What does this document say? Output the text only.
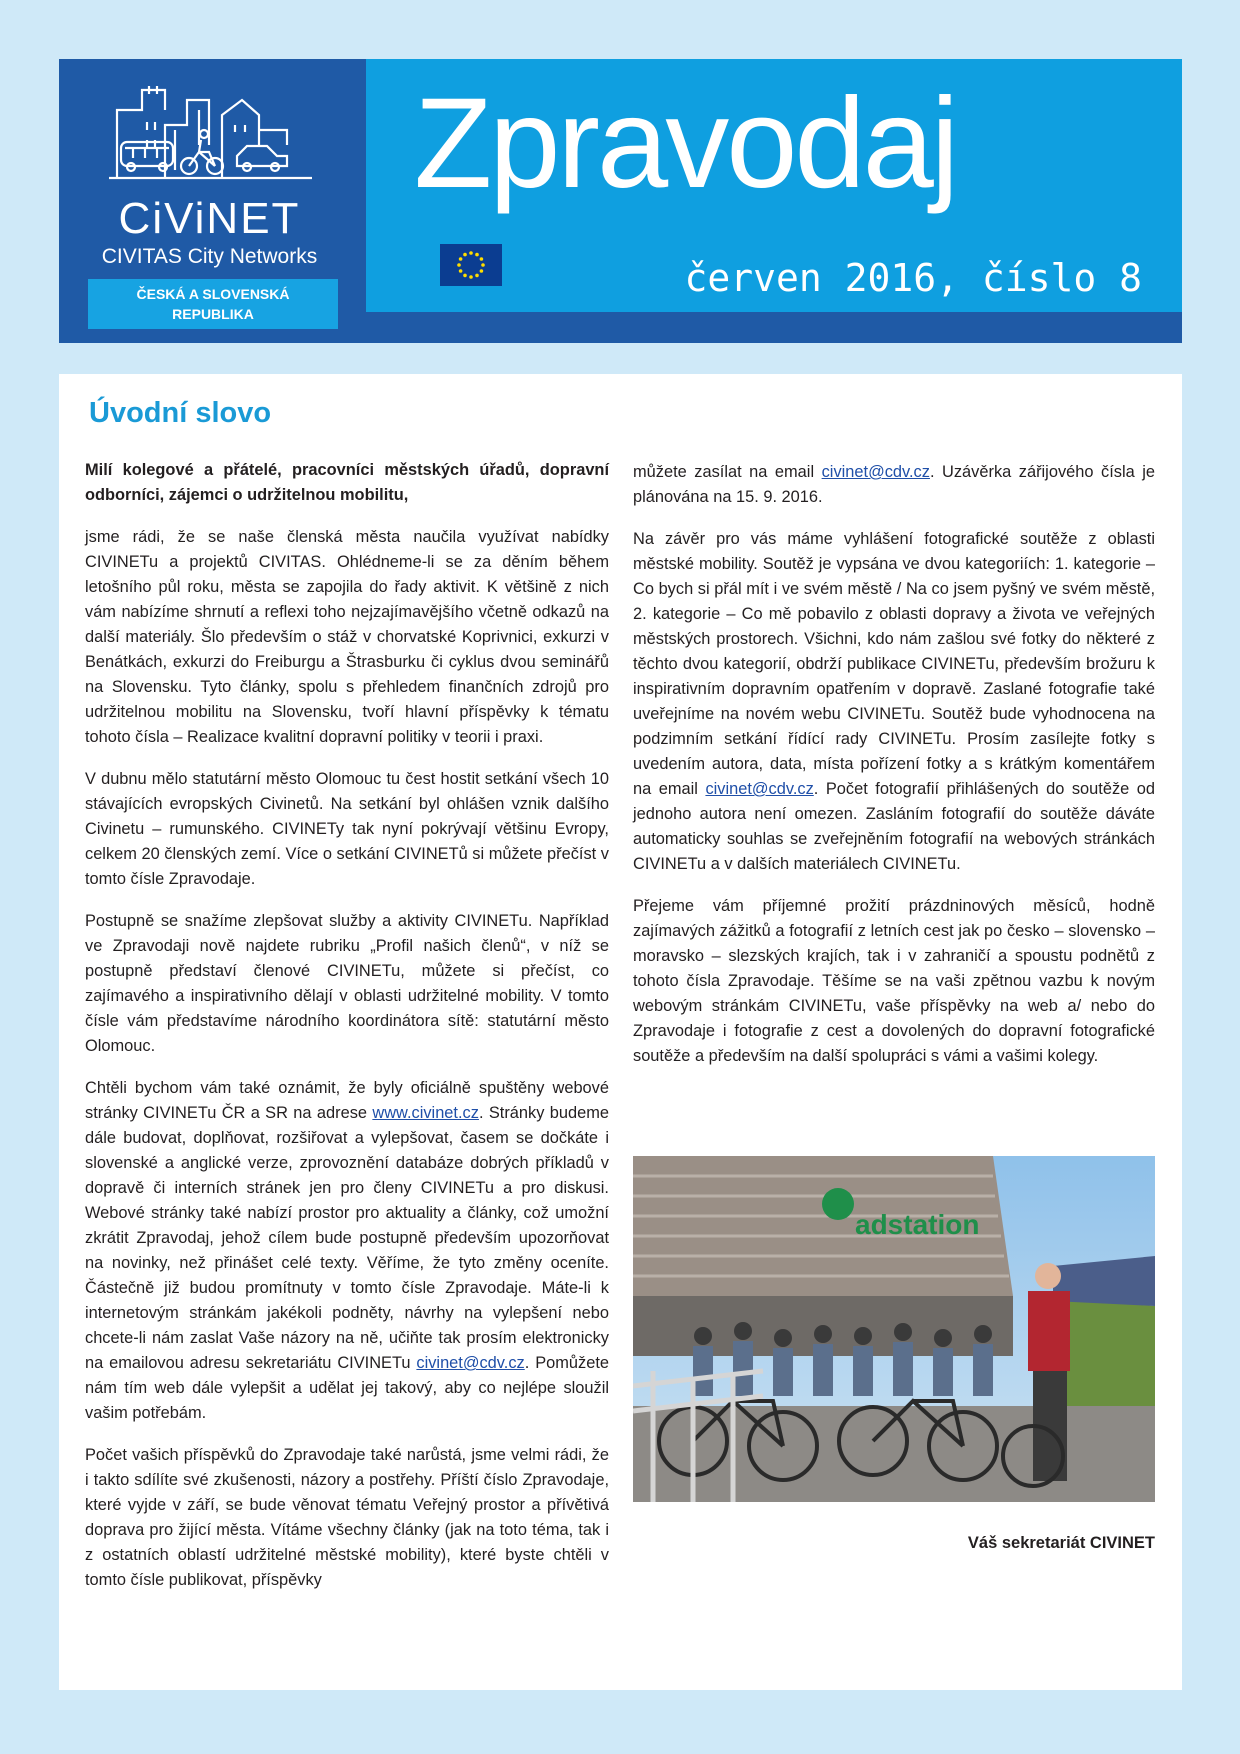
CiViNET
CIVITAS City Networks
ČESKÁ A SLOVENSKÁ
REPUBLIKA
Zpravodaj
červen 2016, číslo 8
Úvodní slovo

Milí kolegové a přátelé, pracovníci městských úřadů, dopravní odborníci, zájemci o udržitelnou mobilitu,

jsme rádi, že se naše členská města naučila využívat nabídky CIVINETu a projektů CIVITAS. Ohlédneme-li se za děním během letošního půl roku, města se zapojila do řady aktivit. K většině z nich vám nabízíme shrnutí a reflexi toho nejzajímavějšího včetně odkazů na další materiály. Šlo především o stáž v chorvatské Koprivnici, exkurzi v Benátkách, exkurzi do Freiburgu a Štrasburku či cyklus dvou seminářů na Slovensku. Tyto články, spolu s přehledem finančních zdrojů pro udržitelnou mobilitu na Slovensku, tvoří hlavní příspěvky k tématu tohoto čísla – Realizace kvalitní dopravní politiky v teorii i praxi.

V dubnu mělo statutární město Olomouc tu čest hostit setkání všech 10 stávajících evropských Civinetů. Na setkání byl ohlášen vznik dalšího Civinetu – rumunského. CIVINETy tak nyní pokrývají většinu Evropy, celkem 20 členských zemí. Více o setkání CIVINETů si můžete přečíst v tomto čísle Zpravodaje.

Postupně se snažíme zlepšovat služby a aktivity CIVINETu. Například ve Zpravodaji nově najdete rubriku „Profil našich členů“, v níž se postupně představí členové CIVINETu, můžete si přečíst, co zajímavého a inspirativního dělají v oblasti udržitelné mobility. V tomto čísle vám představíme národního koordinátora sítě: statutární město Olomouc.

Chtěli bychom vám také oznámit, že byly oficiálně spuštěny webové stránky CIVINETu ČR a SR na adrese www.civinet.cz. Stránky budeme dále budovat, doplňovat, rozšiřovat a vylepšovat, časem se dočkáte i slovenské a anglické verze, zprovoznění databáze dobrých příkladů v dopravě či interních stránek jen pro členy CIVINETu a pro diskusi. Webové stránky také nabízí prostor pro aktuality a články, což umožní zkrátit Zpravodaj, jehož cílem bude postupně především upozorňovat na novinky, než přinášet celé texty. Věříme, že tyto změny oceníte. Částečně již budou promítnuty v tomto čísle Zpravodaje. Máte-li k internetovým stránkám jakékoli podněty, návrhy na vylepšení nebo chcete-li nám zaslat Vaše názory na ně, učiňte tak prosím elektronicky na emailovou adresu sekretariátu CIVINETu civinet@cdv.cz. Pomůžete nám tím web dále vylepšit a udělat jej takový, aby co nejlépe sloužil vašim potřebám.

Počet vašich příspěvků do Zpravodaje také narůstá, jsme velmi rádi, že i takto sdílíte své zkušenosti, názory a postřehy. Příští číslo Zpravodaje, které vyjde v září, se bude věnovat tématu Veřejný prostor a přívětivá doprava pro žijící města. Vítáme všechny články (jak na toto téma, tak i z ostatních oblastí udržitelné městské mobility), které byste chtěli v tomto čísle publikovat, příspěvky

můžete zasílat na email civinet@cdv.cz. Uzávěrka zářijového čísla je plánována na 15. 9. 2016.

Na závěr pro vás máme vyhlášení fotografické soutěže z oblasti městské mobility. Soutěž je vypsána ve dvou kategoriích: 1. kategorie – Co bych si přál mít i ve svém městě / Na co jsem pyšný ve svém městě, 2. kategorie – Co mě pobavilo z oblasti dopravy a života ve veřejných městských prostorech. Všichni, kdo nám zašlou své fotky do některé z těchto dvou kategorií, obdrží publikace CIVINETu, především brožuru k inspirativním dopravním opatřením v dopravě. Zaslané fotografie také uveřejníme na novém webu CIVINETu. Soutěž bude vyhodnocena na podzimním setkání řídící rady CIVINETu. Prosím zasílejte fotky s uvedením autora, data, místa pořízení fotky a s krátkým komentářem na email civinet@cdv.cz. Počet fotografií přihlášených do soutěže od jednoho autora není omezen. Zasláním fotografií do soutěže dáváte automaticky souhlas se zveřejněním fotografií na webových stránkách CIVINETu a v dalších materiálech CIVINETu.

Přejeme vám příjemné prožití prázdninových měsíců, hodně zajímavých zážitků a fotografií z letních cest jak po česko – slovensko – moravsko – slezských krajích, tak i v zahraničí a spoustu podnětů z tohoto čísla Zpravodaje. Těšíme se na vaši zpětnou vazbu k novým webovým stránkám CIVINETu, vaše příspěvky na web a/ nebo do Zpravodaje i fotografie z cest a dovolených do dopravní fotografické soutěže a především na další spolupráci s vámi a vašimi kolegy.

adstation
Váš sekretariát CIVINET
